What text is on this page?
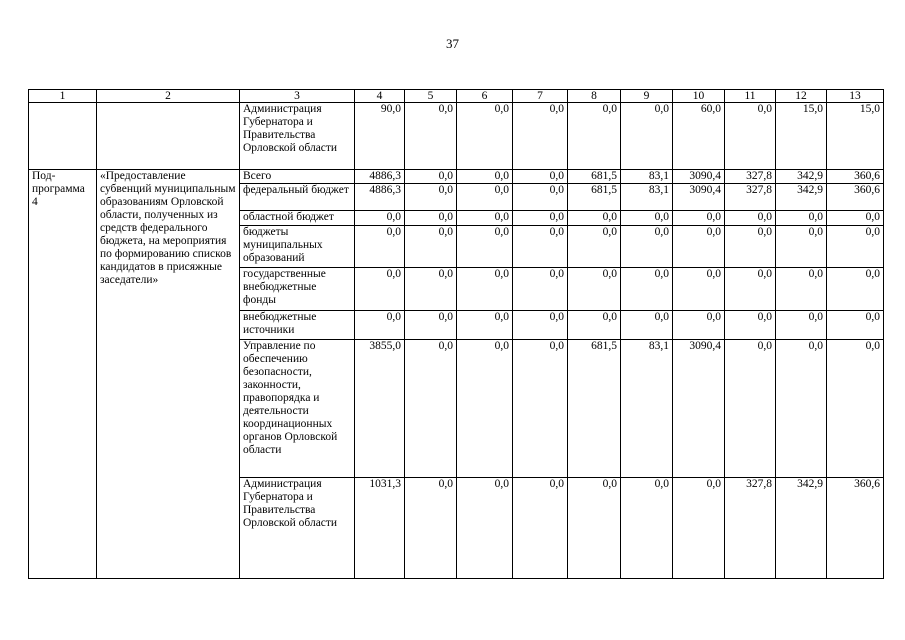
37
1	2	3	4	5	6	7	8	9	10	11	12	13
		Администрация Губернатора и Правительства Орловской области	90,0	0,0	0,0	0,0	0,0	0,0	60,0	0,0	15,0	15,0
Под-программа 4	«Предоставление субвенций муниципальным образованиям Орловской области, полученных из средств федерального бюджета, на мероприятия по формированию списков кандидатов в присяжные заседатели»	Всего	4886,3	0,0	0,0	0,0	681,5	83,1	3090,4	327,8	342,9	360,6
		федеральный бюджет	4886,3	0,0	0,0	0,0	681,5	83,1	3090,4	327,8	342,9	360,6
		областной бюджет	0,0	0,0	0,0	0,0	0,0	0,0	0,0	0,0	0,0	0,0
		бюджеты муниципальных образований	0,0	0,0	0,0	0,0	0,0	0,0	0,0	0,0	0,0	0,0
		государственные внебюджетные фонды	0,0	0,0	0,0	0,0	0,0	0,0	0,0	0,0	0,0	0,0
		внебюджетные источники	0,0	0,0	0,0	0,0	0,0	0,0	0,0	0,0	0,0	0,0
		Управление по обеспечению безопасности, законности, правопорядка и деятельности координационных органов Орловской области	3855,0	0,0	0,0	0,0	681,5	83,1	3090,4	0,0	0,0	0,0
		Администрация Губернатора и Правительства Орловской области	1031,3	0,0	0,0	0,0	0,0	0,0	0,0	327,8	342,9	360,6
